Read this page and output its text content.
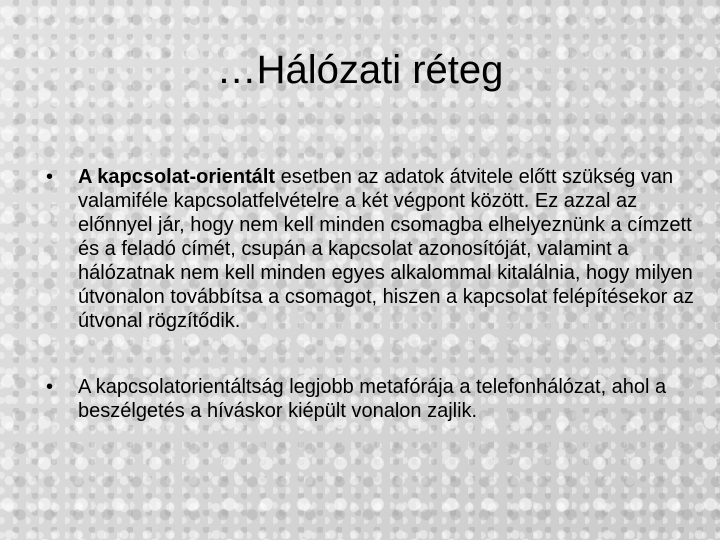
…Hálózati réteg
•	A kapcsolat-orientált esetben az adatok átvitele előtt szükség van valamiféle kapcsolatfelvételre a két végpont között. Ez azzal az előnnyel jár, hogy nem kell minden csomagba elhelyeznünk a címzett és a feladó címét, csupán a kapcsolat azonosítóját, valamint a hálózatnak nem kell minden egyes alkalommal kitalálnia, hogy milyen útvonalon továbbítsa a csomagot, hiszen a kapcsolat felépítésekor az útvonal rögzítődik.
•	A kapcsolatorientáltság legjobb metafórája a telefonhálózat, ahol a beszélgetés a híváskor kiépült vonalon zajlik.
